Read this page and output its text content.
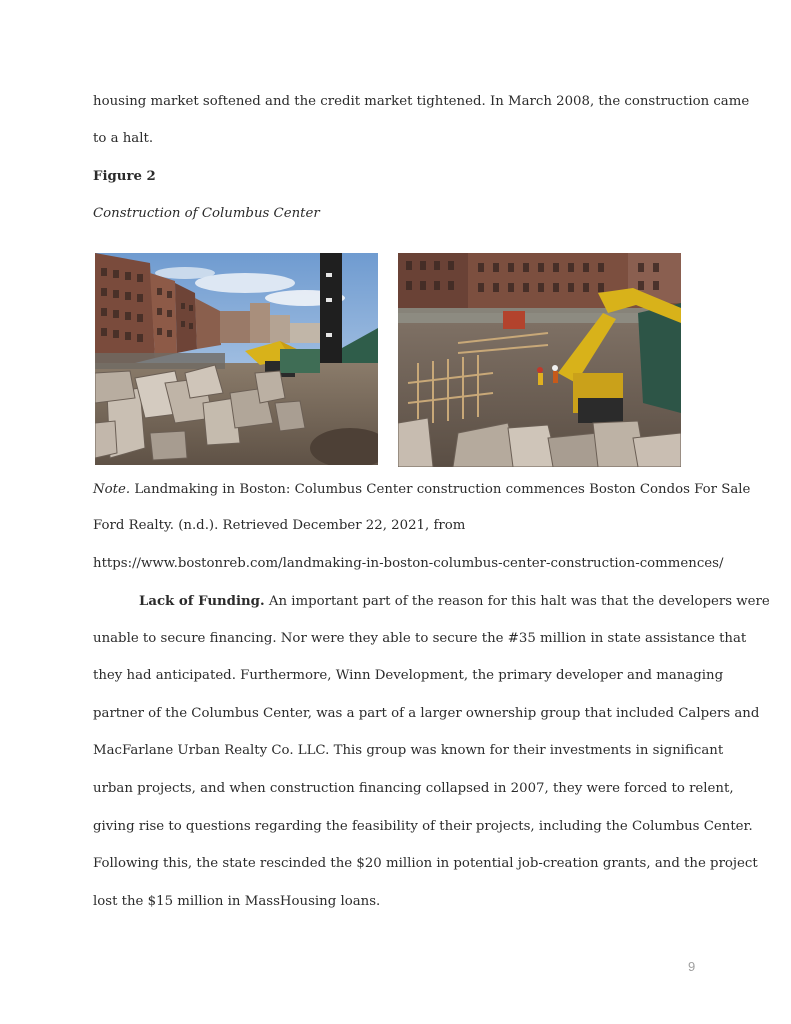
housing market softened and the credit market tightened. In March 2008, the construction came
to a halt.
Figure 2
Construction of Columbus Center
Note. Landmaking in Boston: Columbus Center construction commences Boston Condos For Sale
Ford Realty. (n.d.). Retrieved December 22, 2021, from
https://www.bostonreb.com/landmaking-in-boston-columbus-center-construction-commences/
Lack of Funding. An important part of the reason for this halt was that the developers were
unable to secure financing. Nor were they able to secure the #35 million in state assistance that
they had anticipated. Furthermore, Winn Development, the primary developer and managing
partner of the Columbus Center, was a part of a larger ownership group that included Calpers and
MacFarlane Urban Realty Co. LLC. This group was known for their investments in significant
urban projects, and when construction financing collapsed in 2007, they were forced to relent,
giving rise to questions regarding the feasibility of their projects, including the Columbus Center.
Following this, the state rescinded the $20 million in potential job-creation grants, and the project
lost the $15 million in MassHousing loans.
9
